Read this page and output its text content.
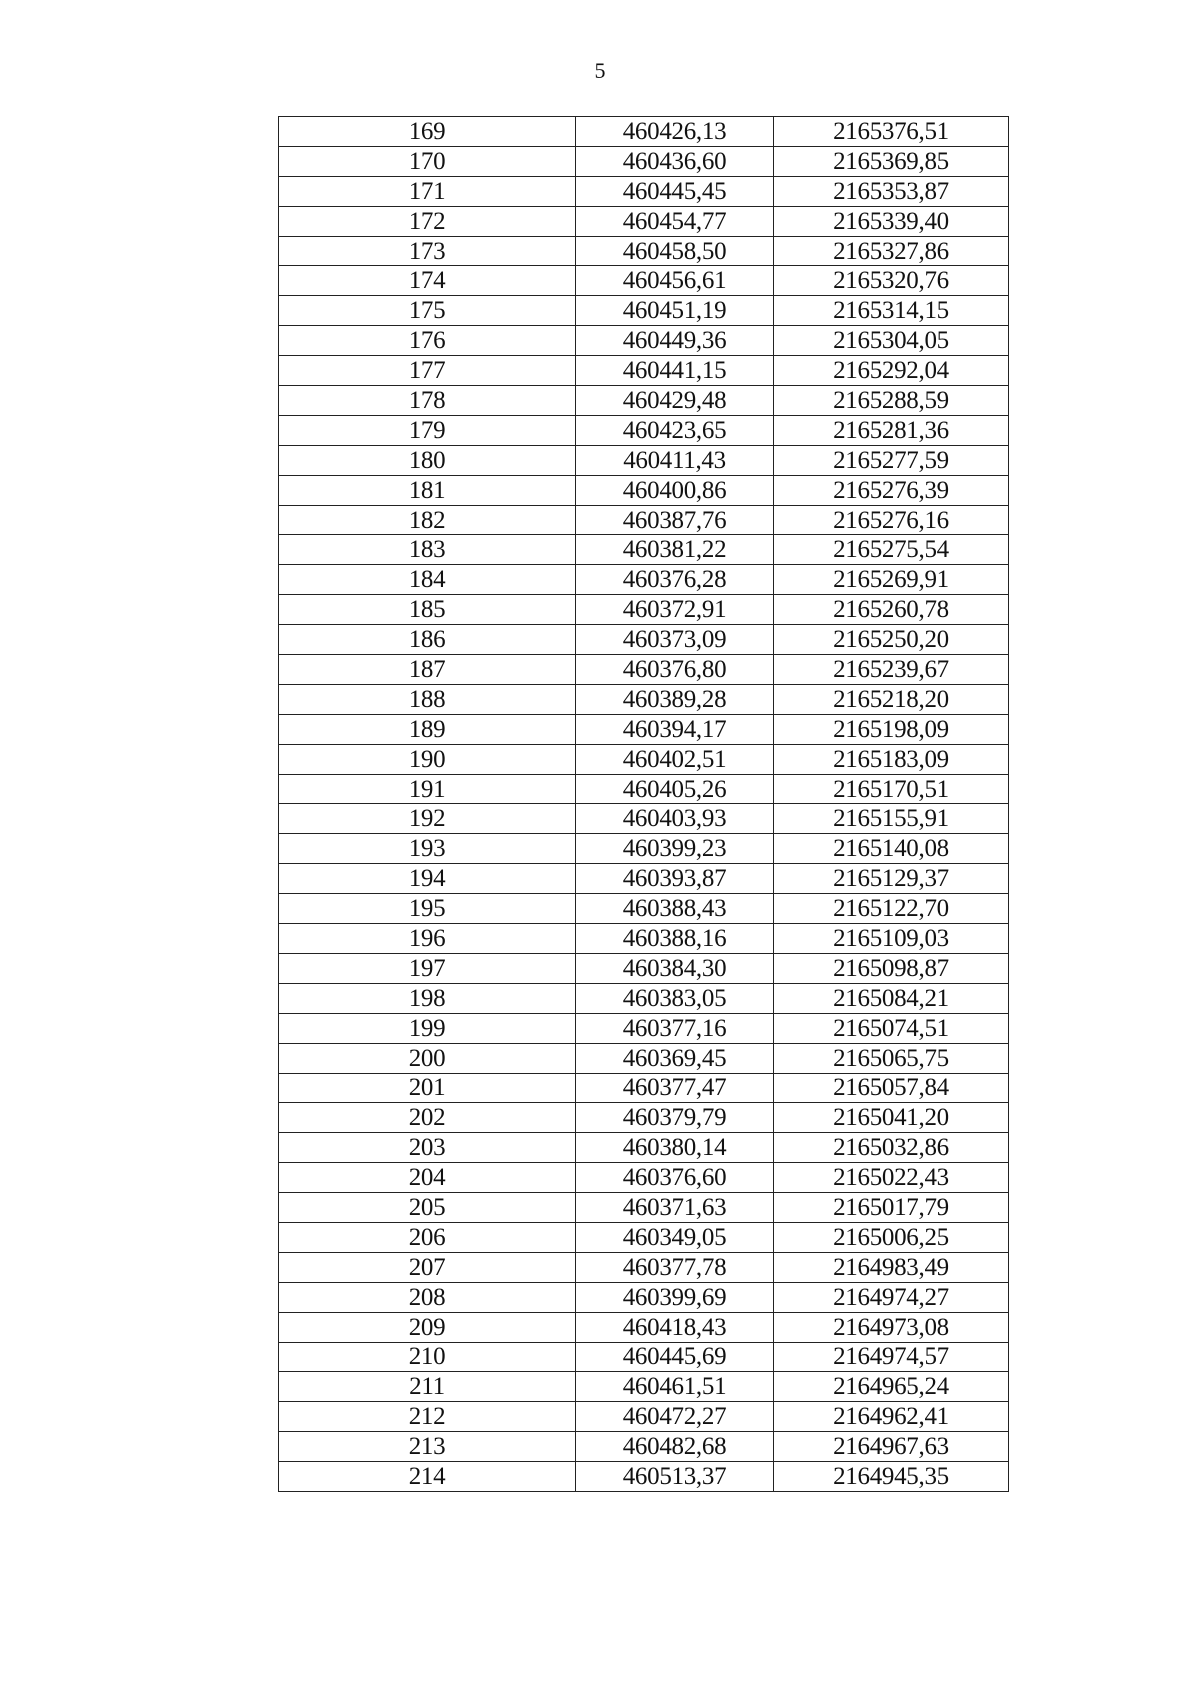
5
169	460426,13	2165376,51
170	460436,60	2165369,85
171	460445,45	2165353,87
172	460454,77	2165339,40
173	460458,50	2165327,86
174	460456,61	2165320,76
175	460451,19	2165314,15
176	460449,36	2165304,05
177	460441,15	2165292,04
178	460429,48	2165288,59
179	460423,65	2165281,36
180	460411,43	2165277,59
181	460400,86	2165276,39
182	460387,76	2165276,16
183	460381,22	2165275,54
184	460376,28	2165269,91
185	460372,91	2165260,78
186	460373,09	2165250,20
187	460376,80	2165239,67
188	460389,28	2165218,20
189	460394,17	2165198,09
190	460402,51	2165183,09
191	460405,26	2165170,51
192	460403,93	2165155,91
193	460399,23	2165140,08
194	460393,87	2165129,37
195	460388,43	2165122,70
196	460388,16	2165109,03
197	460384,30	2165098,87
198	460383,05	2165084,21
199	460377,16	2165074,51
200	460369,45	2165065,75
201	460377,47	2165057,84
202	460379,79	2165041,20
203	460380,14	2165032,86
204	460376,60	2165022,43
205	460371,63	2165017,79
206	460349,05	2165006,25
207	460377,78	2164983,49
208	460399,69	2164974,27
209	460418,43	2164973,08
210	460445,69	2164974,57
211	460461,51	2164965,24
212	460472,27	2164962,41
213	460482,68	2164967,63
214	460513,37	2164945,35
